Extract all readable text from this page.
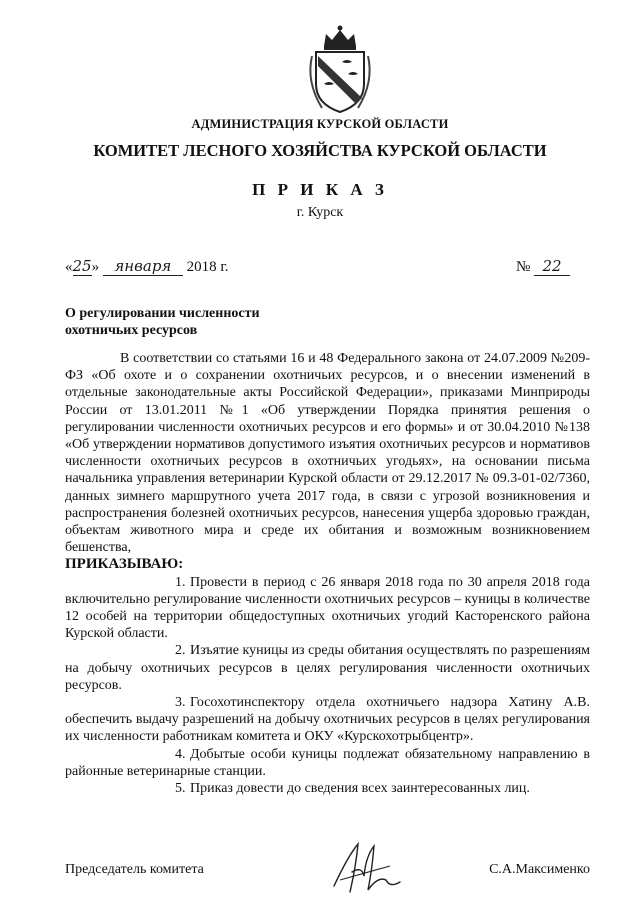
АДМИНИСТРАЦИЯ КУРСКОЙ ОБЛАСТИ
КОМИТЕТ ЛЕСНОГО ХОЗЯЙСТВА КУРСКОЙ ОБЛАСТИ
П Р И К А З
г. Курск
«25» января 2018 г.	№ 22
О регулировании численности
охотничьих ресурсов

В соответствии со статьями 16 и 48 Федерального закона от 24.07.2009 №209-ФЗ «Об охоте и о сохранении охотничьих ресурсов, и о внесении изменений в отдельные законодательные акты Российской Федерации», приказами Минприроды России от 13.01.2011 №1 «Об утверждении Порядка принятия решения о регулировании численности охотничьих ресурсов и его формы» и от 30.04.2010 №138 «Об утверждении нормативов допустимого изъятия охотничьих ресурсов и нормативов численности охотничьих ресурсов в охотничьих угодьях», на основании письма начальника управления ветеринарии Курской области от 29.12.2017 № 09.3-01-02/7360, данных зимнего маршрутного учета 2017 года, в связи с угрозой возникновения и распространения болезней охотничьих ресурсов, нанесения ущерба здоровью граждан, объектам животного мира и среде их обитания и возможным возникновением бешенства,

ПРИКАЗЫВАЮ:

1. Провести в период с 26 января 2018 года по 30 апреля 2018 года включительно регулирование численности охотничьих ресурсов – куницы в количестве 12 особей на территории общедоступных охотничьих угодий Касторенского района Курской области.

2. Изъятие куницы из среды обитания осуществлять по разрешениям на добычу охотничьих ресурсов в целях регулирования численности охотничьих ресурсов.

3. Госохотинспектору отдела охотничьего надзора Хатину А.В. обеспечить выдачу разрешений на добычу охотничьих ресурсов в целях регулирования их численности работникам комитета и ОКУ «Курскохотрыбцентр».

4. Добытые особи куницы подлежат обязательному направлению в районные ветеринарные станции.

5. Приказ довести до сведения всех заинтересованных лиц.

Председатель комитета	С.А.Максименко
